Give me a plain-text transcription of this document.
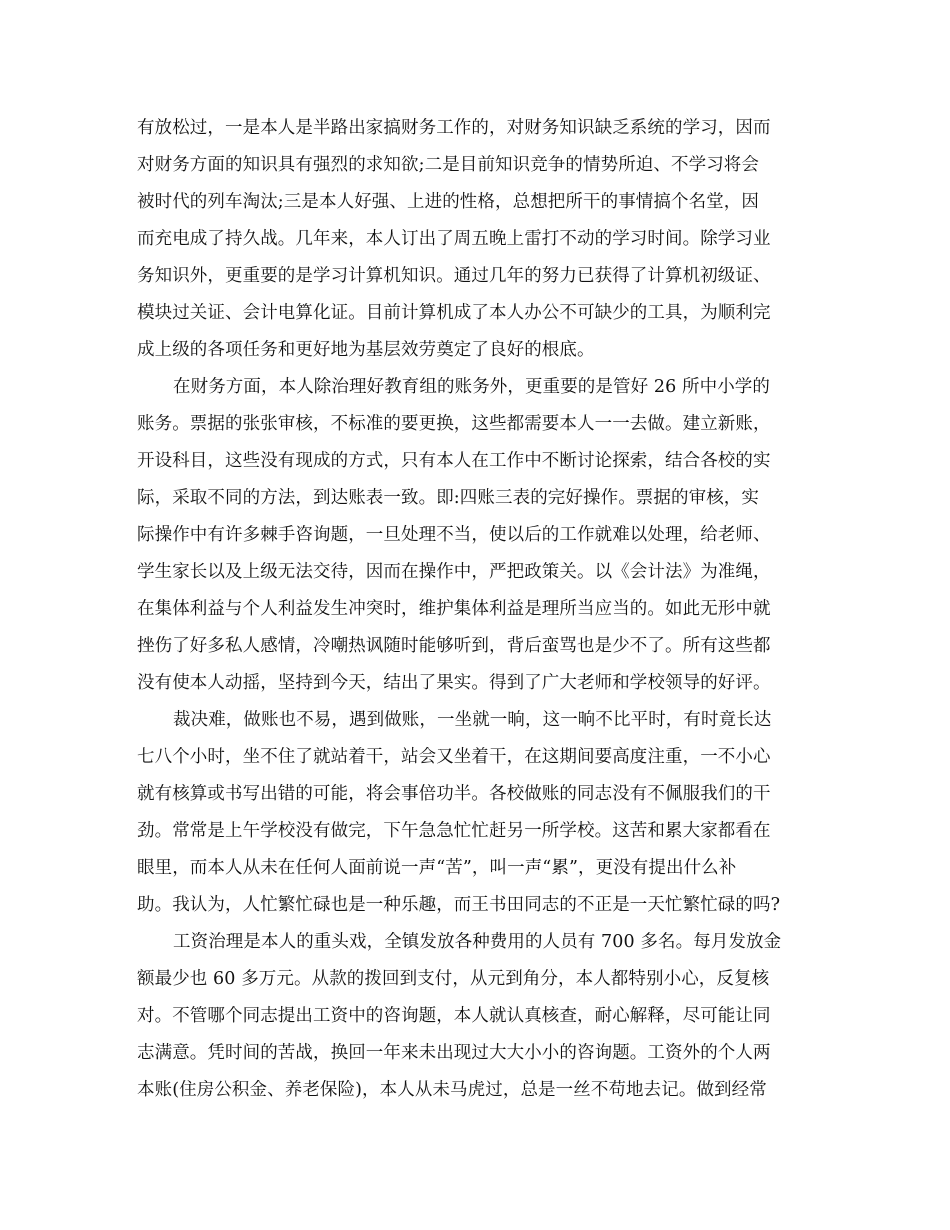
有放松过，一是本人是半路出家搞财务工作的，对财务知识缺乏系统的学习，因而
对财务方面的知识具有强烈的求知欲;二是目前知识竞争的情势所迫、不学习将会
被时代的列车淘汰;三是本人好强、上进的性格，总想把所干的事情搞个名堂，因
而充电成了持久战。几年来，本人订出了周五晚上雷打不动的学习时间。除学习业
务知识外，更重要的是学习计算机知识。通过几年的努力已获得了计算机初级证、
模块过关证、会计电算化证。目前计算机成了本人办公不可缺少的工具，为顺利完
成上级的各项任务和更好地为基层效劳奠定了良好的根底。
在财务方面，本人除治理好教育组的账务外，更重要的是管好 26 所中小学的
账务。票据的张张审核，不标准的要更换，这些都需要本人一一去做。建立新账，
开设科目，这些没有现成的方式，只有本人在工作中不断讨论探索，结合各校的实
际，采取不同的方法，到达账表一致。即:四账三表的完好操作。票据的审核，实
际操作中有许多棘手咨询题，一旦处理不当，使以后的工作就难以处理，给老师、
学生家长以及上级无法交待，因而在操作中，严把政策关。以《会计法》为准绳，
在集体利益与个人利益发生冲突时，维护集体利益是理所当应当的。如此无形中就
挫伤了好多私人感情，冷嘲热讽随时能够听到，背后蛮骂也是少不了。所有这些都
没有使本人动摇，坚持到今天，结出了果实。得到了广大老师和学校领导的好评。
裁决难，做账也不易，遇到做账，一坐就一晌，这一晌不比平时，有时竟长达
七八个小时，坐不住了就站着干，站会又坐着干，在这期间要高度注重，一不小心
就有核算或书写出错的可能，将会事倍功半。各校做账的同志没有不佩服我们的干
劲。常常是上午学校没有做完，下午急急忙忙赶另一所学校。这苦和累大家都看在
眼里，而本人从未在任何人面前说一声“苦”，叫一声“累”，更没有提出什么补
助。我认为，人忙繁忙碌也是一种乐趣，而王书田同志的不正是一天忙繁忙碌的吗?
工资治理是本人的重头戏，全镇发放各种费用的人员有 700 多名。每月发放金
额最少也 60 多万元。从款的拨回到支付，从元到角分，本人都特别小心，反复核
对。不管哪个同志提出工资中的咨询题，本人就认真核查，耐心解释，尽可能让同
志满意。凭时间的苦战，换回一年来未出现过大大小小的咨询题。工资外的个人两
本账(住房公积金、养老保险)，本人从未马虎过，总是一丝不苟地去记。做到经常
